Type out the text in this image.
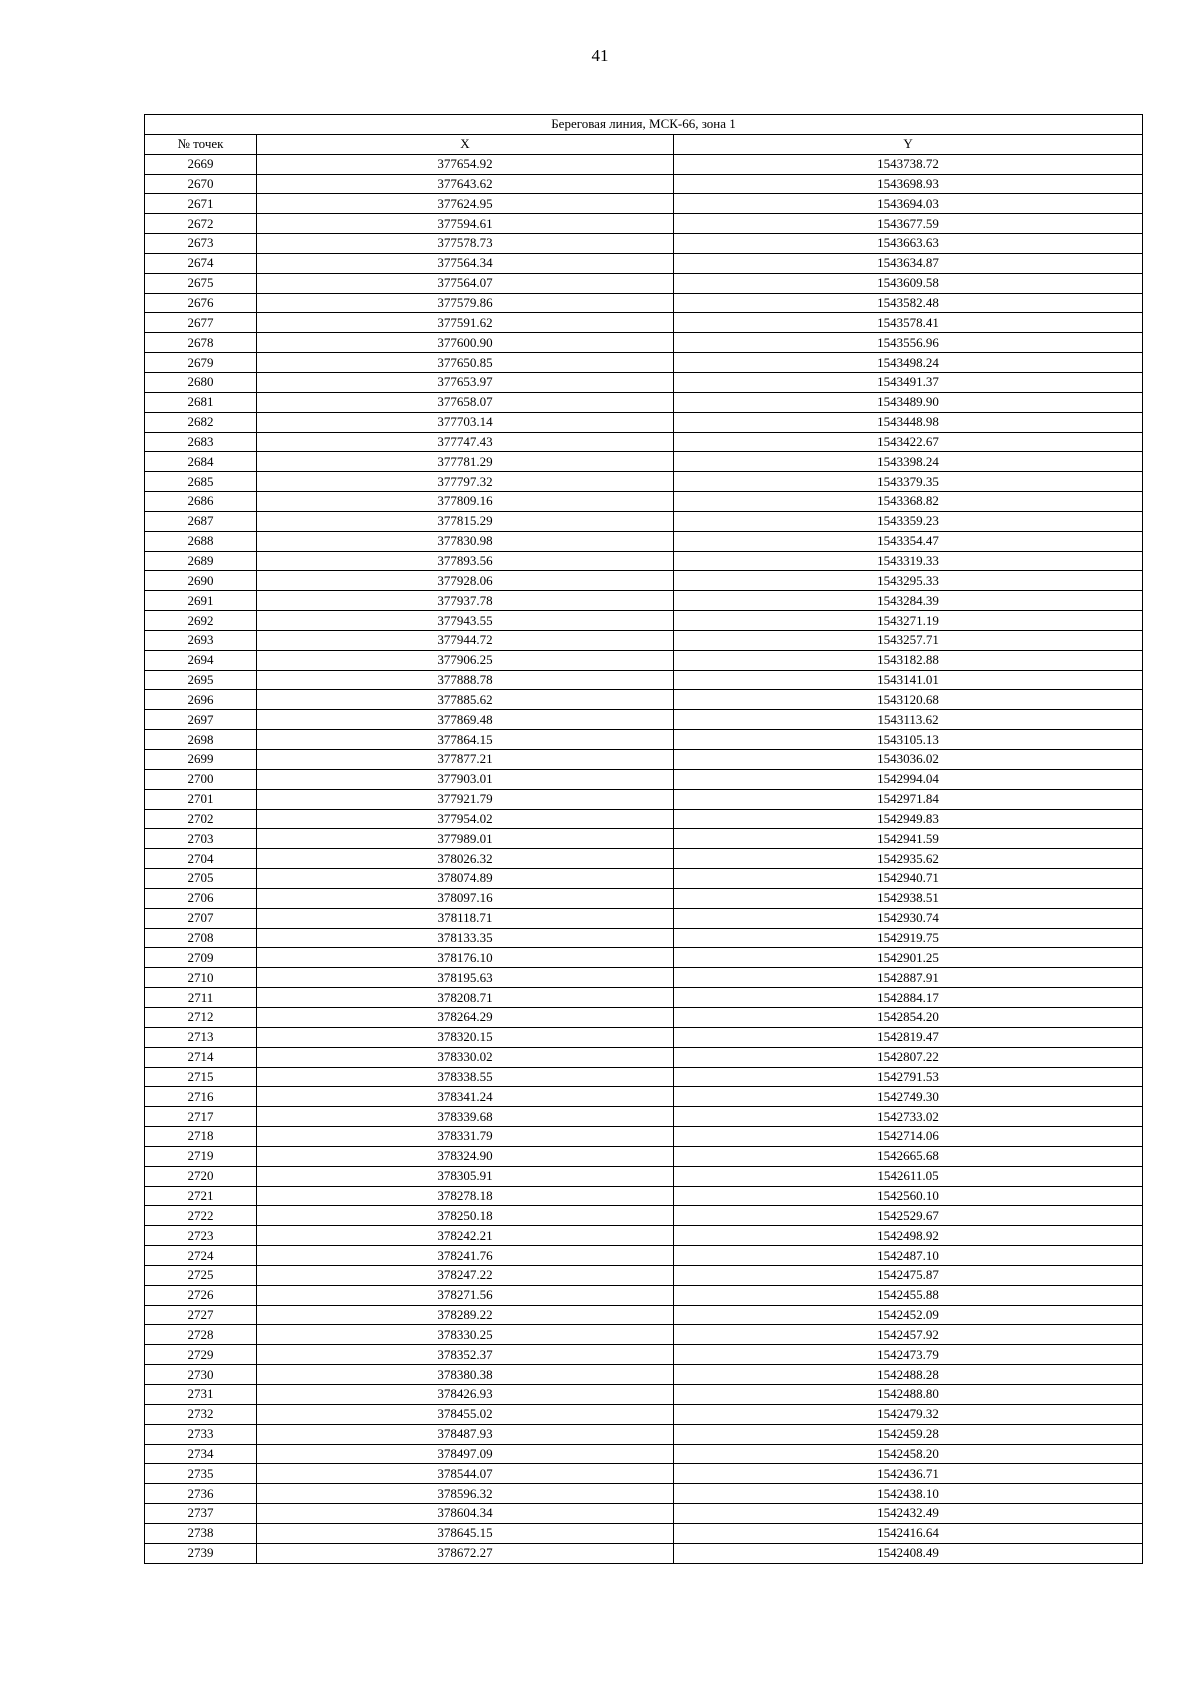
41
Береговая линия, МСК-66, зона 1		
№ точек	X	Y
2669	377654.92	1543738.72
2670	377643.62	1543698.93
2671	377624.95	1543694.03
2672	377594.61	1543677.59
2673	377578.73	1543663.63
2674	377564.34	1543634.87
2675	377564.07	1543609.58
2676	377579.86	1543582.48
2677	377591.62	1543578.41
2678	377600.90	1543556.96
2679	377650.85	1543498.24
2680	377653.97	1543491.37
2681	377658.07	1543489.90
2682	377703.14	1543448.98
2683	377747.43	1543422.67
2684	377781.29	1543398.24
2685	377797.32	1543379.35
2686	377809.16	1543368.82
2687	377815.29	1543359.23
2688	377830.98	1543354.47
2689	377893.56	1543319.33
2690	377928.06	1543295.33
2691	377937.78	1543284.39
2692	377943.55	1543271.19
2693	377944.72	1543257.71
2694	377906.25	1543182.88
2695	377888.78	1543141.01
2696	377885.62	1543120.68
2697	377869.48	1543113.62
2698	377864.15	1543105.13
2699	377877.21	1543036.02
2700	377903.01	1542994.04
2701	377921.79	1542971.84
2702	377954.02	1542949.83
2703	377989.01	1542941.59
2704	378026.32	1542935.62
2705	378074.89	1542940.71
2706	378097.16	1542938.51
2707	378118.71	1542930.74
2708	378133.35	1542919.75
2709	378176.10	1542901.25
2710	378195.63	1542887.91
2711	378208.71	1542884.17
2712	378264.29	1542854.20
2713	378320.15	1542819.47
2714	378330.02	1542807.22
2715	378338.55	1542791.53
2716	378341.24	1542749.30
2717	378339.68	1542733.02
2718	378331.79	1542714.06
2719	378324.90	1542665.68
2720	378305.91	1542611.05
2721	378278.18	1542560.10
2722	378250.18	1542529.67
2723	378242.21	1542498.92
2724	378241.76	1542487.10
2725	378247.22	1542475.87
2726	378271.56	1542455.88
2727	378289.22	1542452.09
2728	378330.25	1542457.92
2729	378352.37	1542473.79
2730	378380.38	1542488.28
2731	378426.93	1542488.80
2732	378455.02	1542479.32
2733	378487.93	1542459.28
2734	378497.09	1542458.20
2735	378544.07	1542436.71
2736	378596.32	1542438.10
2737	378604.34	1542432.49
2738	378645.15	1542416.64
2739	378672.27	1542408.49
